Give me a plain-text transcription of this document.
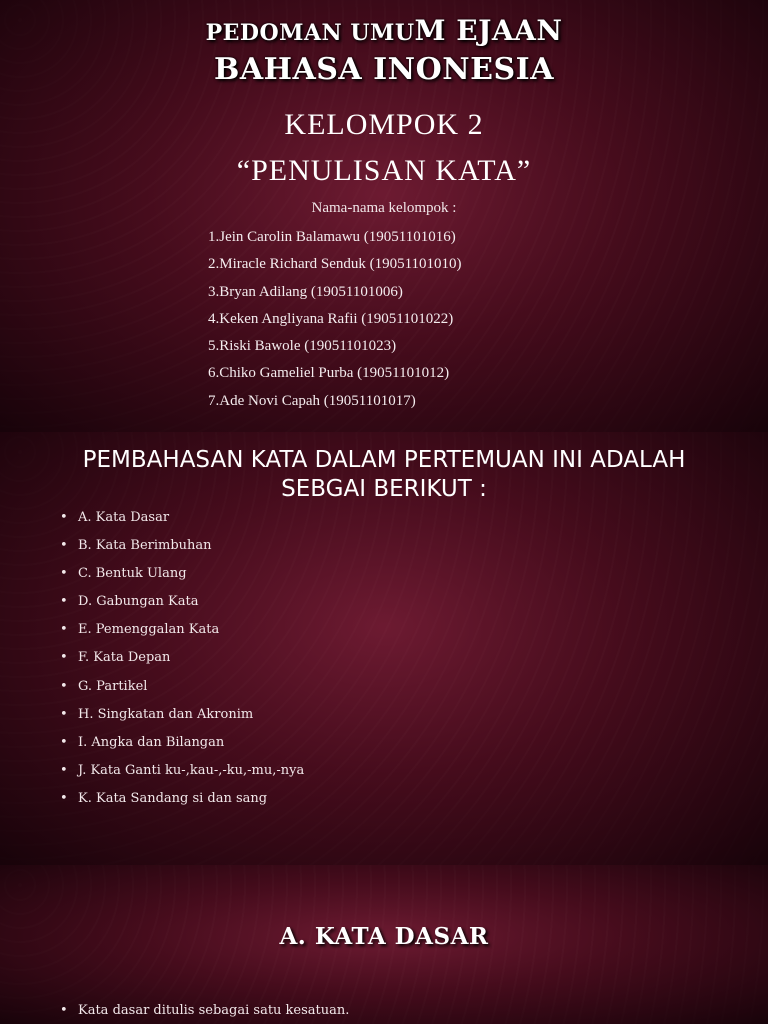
PEDOMAN UMUM EJAAN
BAHASA INONESIA
KELOMPOK 2
“PENULISAN KATA”
Nama-nama kelompok :
1.Jein Carolin Balamawu (19051101016)
2.Miracle Richard Senduk (19051101010)
3.Bryan Adilang (19051101006)
4.Keken Angliyana Rafii (19051101022)
5.Riski Bawole (19051101023)
6.Chiko Gameliel Purba (19051101012)
7.Ade Novi Capah (19051101017)
PEMBAHASAN KATA DALAM PERTEMUAN INI ADALAH SEBGAI BERIKUT :
• A. Kata Dasar
• B. Kata Berimbuhan
• C. Bentuk Ulang
• D. Gabungan Kata
• E. Pemenggalan Kata
• F. Kata Depan
• G. Partikel
• H. Singkatan dan Akronim
• I. Angka dan Bilangan
• J. Kata Ganti ku-,kau-,-ku,-mu,-nya
• K. Kata Sandang si dan sang
A. KATA DASAR
• Kata dasar ditulis sebagai satu kesatuan.
